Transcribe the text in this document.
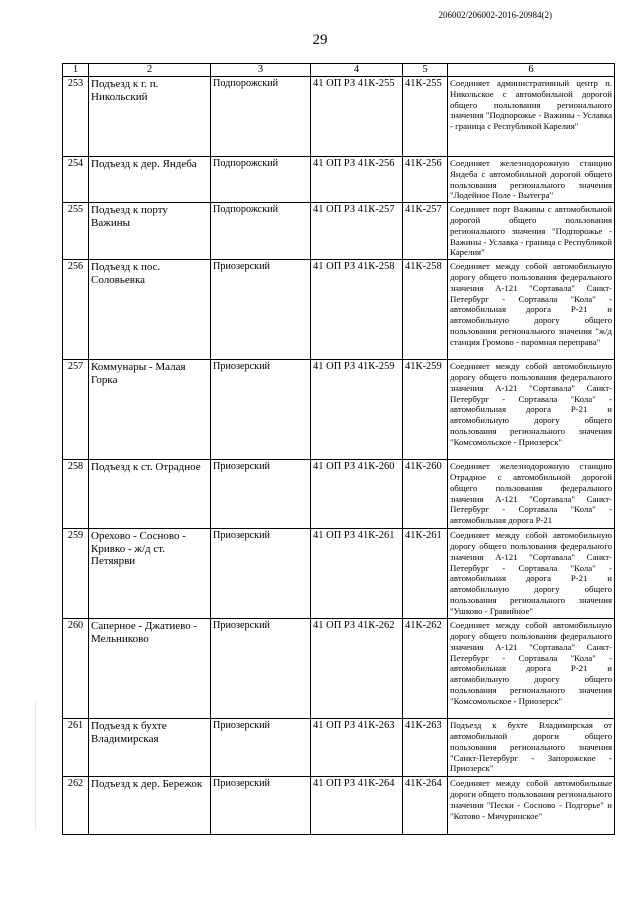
206002/206002-2016-20984(2)
29
1	2	3	4	5	6
253	Подъезд к г. п. Никольский	Подпорожский	41 ОП РЗ 41К-255	41К-255	Соединяет административный центр п. Никольское с автомобильной дорогой общего пользования регионального значения "Подпорожье - Важины - Уславка - граница с Республикой Карелия"
254	Подъезд к дер. Яндеба	Подпорожский	41 ОП РЗ 41К-256	41К-256	Соединяет железнодорожную станцию Яндеба с автомобильной дорогой общего пользования регионального значения "Лодейное Поле - Вытегра"
255	Подъезд к порту Важины	Подпорожский	41 ОП РЗ 41К-257	41К-257	Соединяет порт Важины с автомобильной дорогой общего пользования регионального значения "Подпорожье - Важины - Уславка - граница с Республикой Карелия"
256	Подъезд к пос. Соловьевка	Приозерский	41 ОП РЗ 41К-258	41К-258	Соединяет между собой автомобильную дорогу общего пользования федерального значения А-121 "Сортавала" Санкт-Петербург - Сортавала "Кола" - автомобильная дорога Р-21 и автомобильную дорогу общего пользования регионального значения "ж/д станция Громово - паромная переправа"
257	Коммунары - Малая Горка	Приозерский	41 ОП РЗ 41К-259	41К-259	Соединяет между собой автомобильную дорогу общего пользования федерального значения А-121 "Сортавала" Санкт-Петербург - Сортавала "Кола" - автомобильная дорога Р-21 и автомобильную дорогу общего пользования регионального значения "Комсомольское - Приозерск"
258	Подъезд к ст. Отрадное	Приозерский	41 ОП РЗ 41К-260	41К-260	Соединяет железнодорожную станцию Отрадное с автомобильной дорогой общего пользования федерального значения А-121 "Сортавала" Санкт-Петербург - Сортавала "Кола" - автомобильная дорога Р-21
259	Орехово - Сосново - Кривко - ж/д ст. Петяярви	Приозерский	41 ОП РЗ 41К-261	41К-261	Соединяет между собой автомобильную дорогу общего пользования федерального значения А-121 "Сортавала" Санкт-Петербург - Сортавала "Кола" - автомобильная дорога Р-21 и автомобильную дорогу общего пользования регионального значения "Ушково - Гравийное"
260	Саперное - Джатиево - Мельниково	Приозерский	41 ОП РЗ 41К-262	41К-262	Соединяет между собой автомобильную дорогу общего пользования федерального значения А-121 "Сортавала" Санкт-Петербург - Сортавала "Кола" - автомобильная дорога Р-21 и автомобильную дорогу общего пользования регионального значения "Комсомольское - Приозерск"
261	Подъезд к бухте Владимирская	Приозерский	41 ОП РЗ 41К-263	41К-263	Подъезд к бухте Владимирская от автомобильной дороги общего пользования регионального значения "Санкт-Петербург - Запорожское - Приозерск"
262	Подъезд к дер. Бережок	Приозерский	41 ОП РЗ 41К-264	41К-264	Соединяет между собой автомобильные дороги общего пользования регионального значения "Пески - Сосново - Подгорье" и "Котово - Мичуринское"
